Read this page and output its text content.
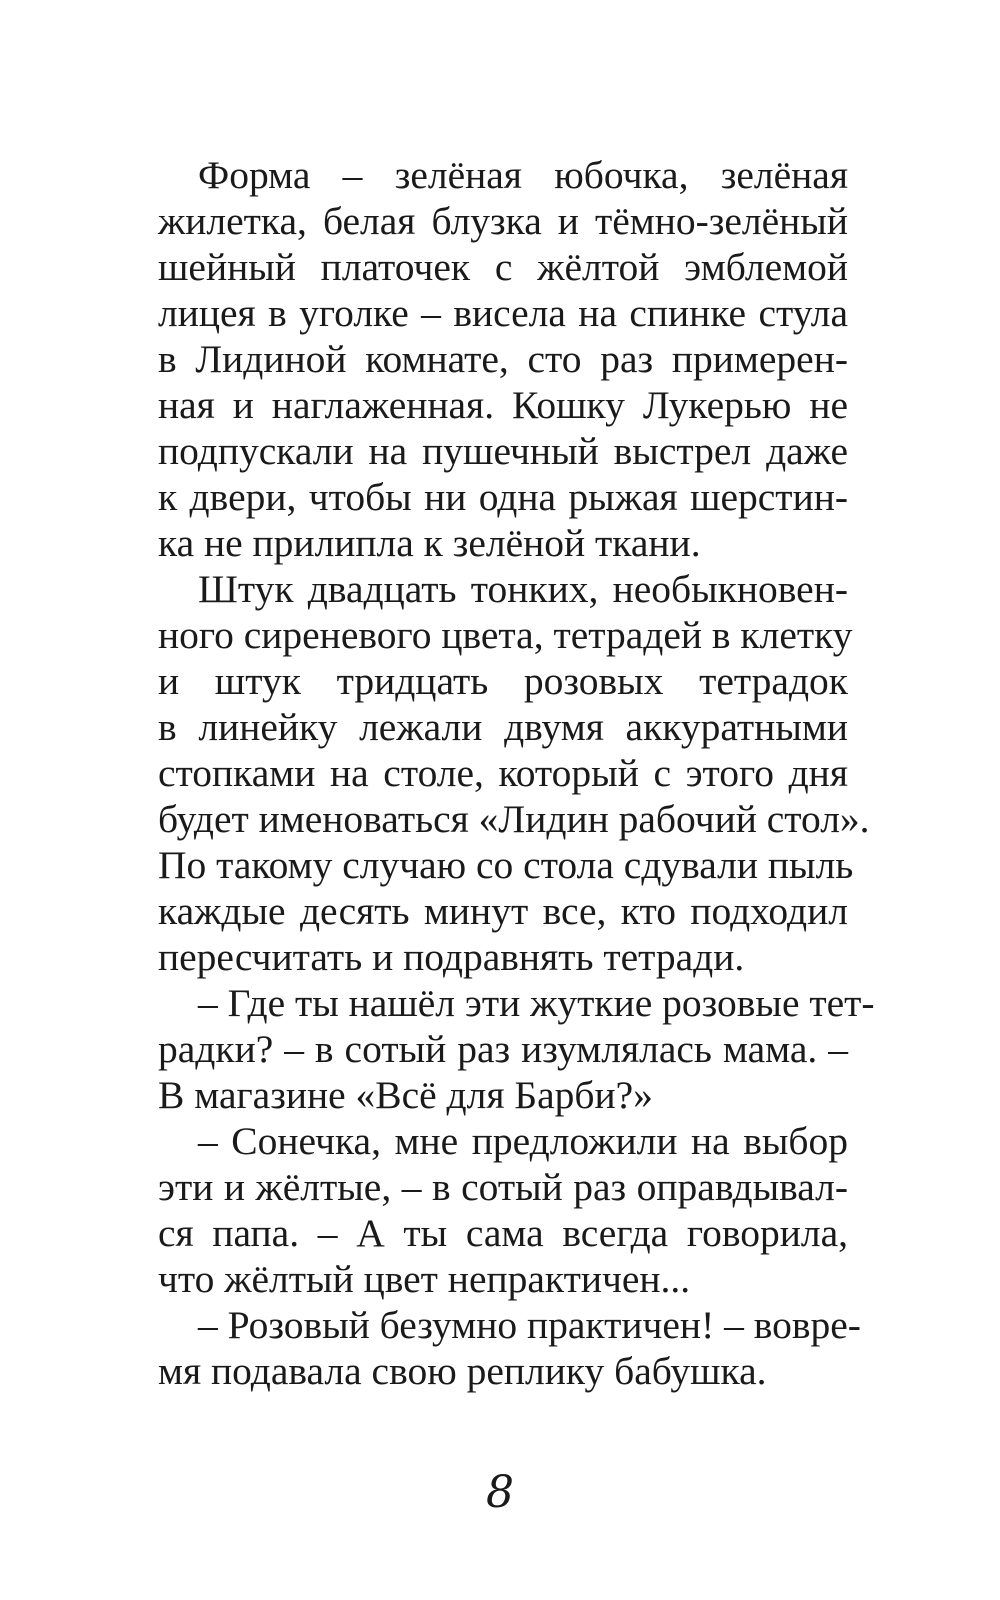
Форма – зелёная юбочка, зелёная
жилетка, белая блузка и тёмно-зелёный
шейный платочек с жёлтой эмблемой
лицея в уголке – висела на спинке стула
в Лидиной комнате, сто раз примерен-
ная и наглаженная. Кошку Лукерью не
подпускали на пушечный выстрел даже
к двери, чтобы ни одна рыжая шерстин-
ка не прилипла к зелёной ткани.
Штук двадцать тонких, необыкновен-
ного сиреневого цвета, тетрадей в клетку
и штук тридцать розовых тетрадок
в линейку лежали двумя аккуратными
стопками на столе, который с этого дня
будет именоваться «Лидин рабочий стол».
По такому случаю со стола сдували пыль
каждые десять минут все, кто подходил
пересчитать и подравнять тетради.
– Где ты нашёл эти жуткие розовые тет-
радки? – в сотый раз изумлялась мама. –
В магазине «Всё для Барби?»
– Сонечка, мне предложили на выбор
эти и жёлтые, – в сотый раз оправдывал-
ся папа. – А ты сама всегда говорила,
что жёлтый цвет непрактичен...
– Розовый безумно практичен! – вовре-
мя подавала свою реплику бабушка.
8
